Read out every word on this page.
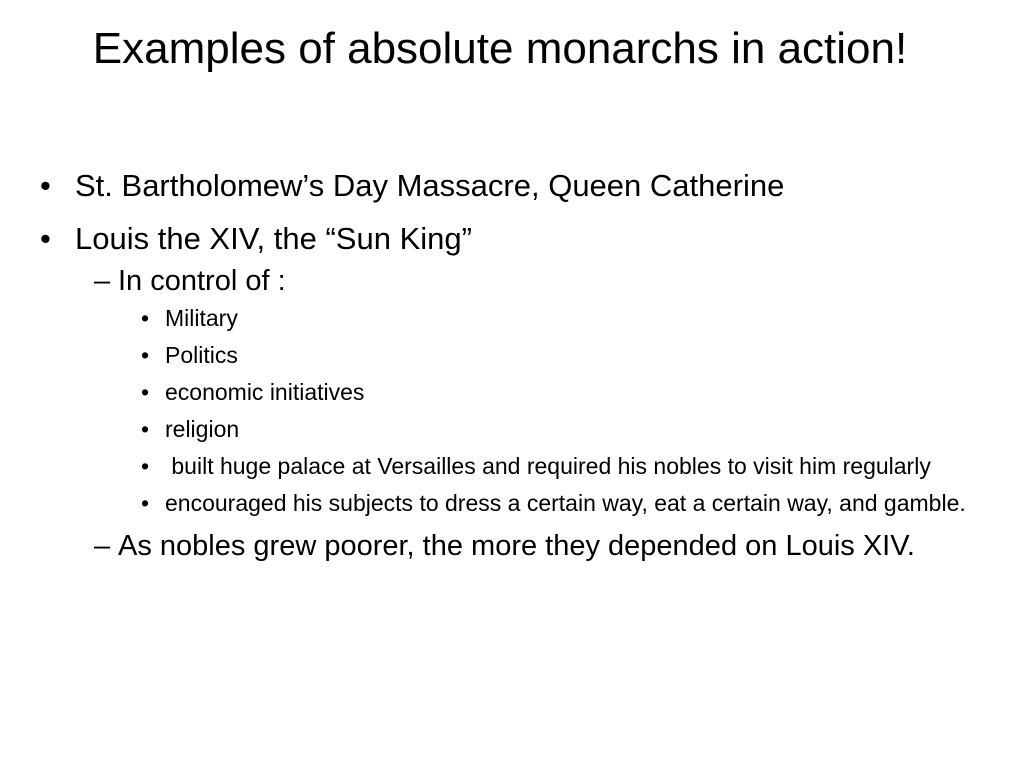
Examples of absolute monarchs in action!
• St. Bartholomew’s Day Massacre, Queen Catherine
• Louis the XIV, the “Sun King”
– In control of :
• Military
• Politics
• economic initiatives
• religion
• built huge palace at Versailles and required his nobles to visit him regularly
• encouraged his subjects to dress a certain way, eat a certain way, and gamble.
– As nobles grew poorer, the more they depended on Louis XIV.
